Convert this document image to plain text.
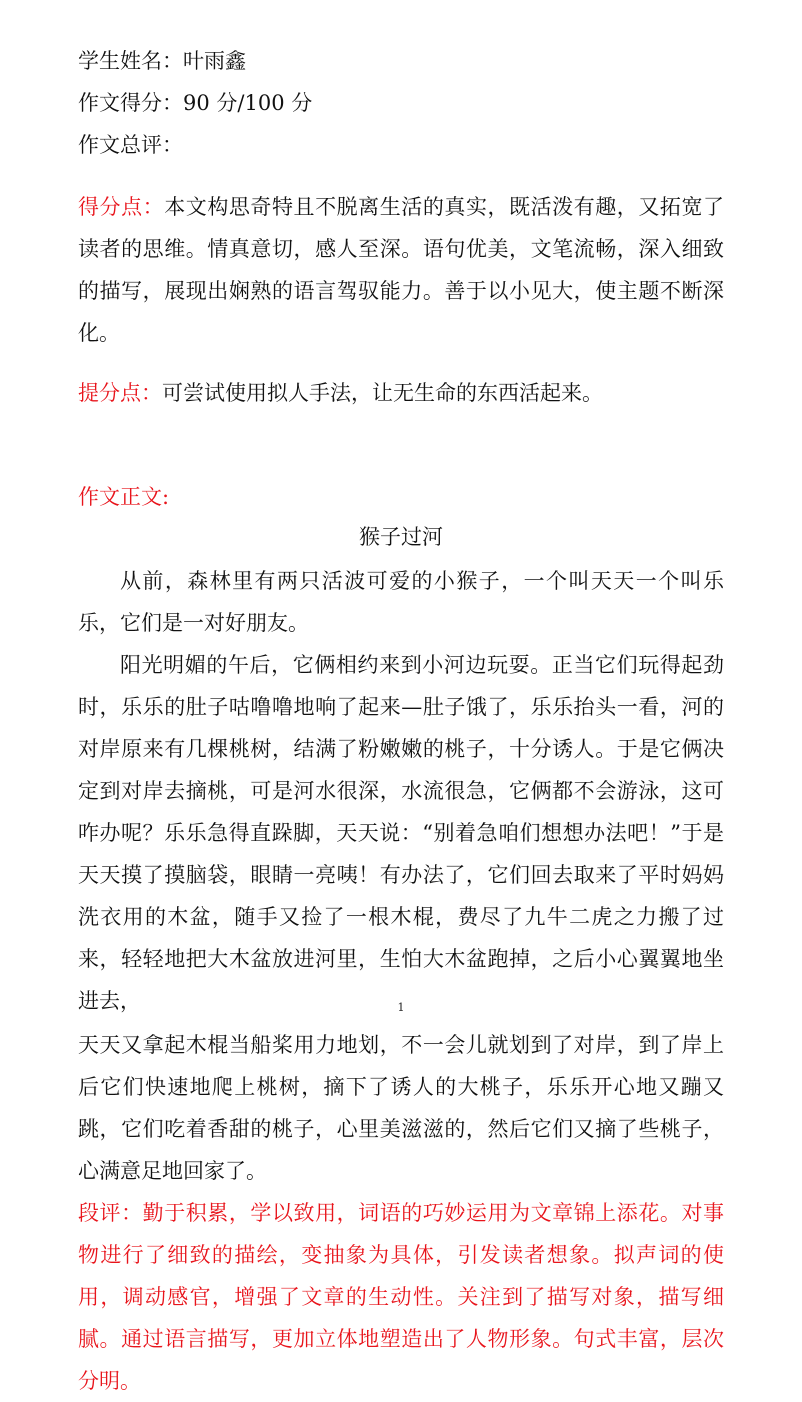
学生姓名：叶雨鑫
作文得分：90 分/100 分
作文总评：

得分点：本文构思奇特且不脱离生活的真实，既活泼有趣，又拓宽了读者的思维。情真意切，感人至深。语句优美，文笔流畅，深入细致的描写，展现出娴熟的语言驾驭能力。善于以小见大，使主题不断深化。

提分点：可尝试使用拟人手法，让无生命的东西活起来。

作文正文:
猴子过河

从前，森林里有两只活波可爱的小猴子，一个叫天天一个叫乐乐，它们是一对好朋友。

阳光明媚的午后，它俩相约来到小河边玩耍。正当它们玩得起劲时，乐乐的肚子咕噜噜地响了起来—肚子饿了，乐乐抬头一看，河的对岸原来有几棵桃树，结满了粉嫩嫩的桃子，十分诱人。于是它俩决定到对岸去摘桃，可是河水很深，水流很急，它俩都不会游泳，这可咋办呢？乐乐急得直跺脚，天天说：“别着急咱们想想办法吧！”于是天天摸了摸脑袋，眼睛一亮咦！有办法了，它们回去取来了平时妈妈洗衣用的木盆，随手又捡了一根木棍，费尽了九牛二虎之力搬了过来，轻轻地把大木盆放进河里，生怕大木盆跑掉，之后小心翼翼地坐进去，	1

天天又拿起木棍当船桨用力地划，不一会儿就划到了对岸，到了岸上后它们快速地爬上桃树，摘下了诱人的大桃子，乐乐开心地又蹦又跳，它们吃着香甜的桃子，心里美滋滋的，然后它们又摘了些桃子，心满意足地回家了。

段评：勤于积累，学以致用，词语的巧妙运用为文章锦上添花。对事物进行了细致的描绘，变抽象为具体，引发读者想象。拟声词的使用，调动感官，增强了文章的生动性。关注到了描写对象，描写细腻。通过语言描写，更加立体地塑造出了人物形象。句式丰富，层次分明。
